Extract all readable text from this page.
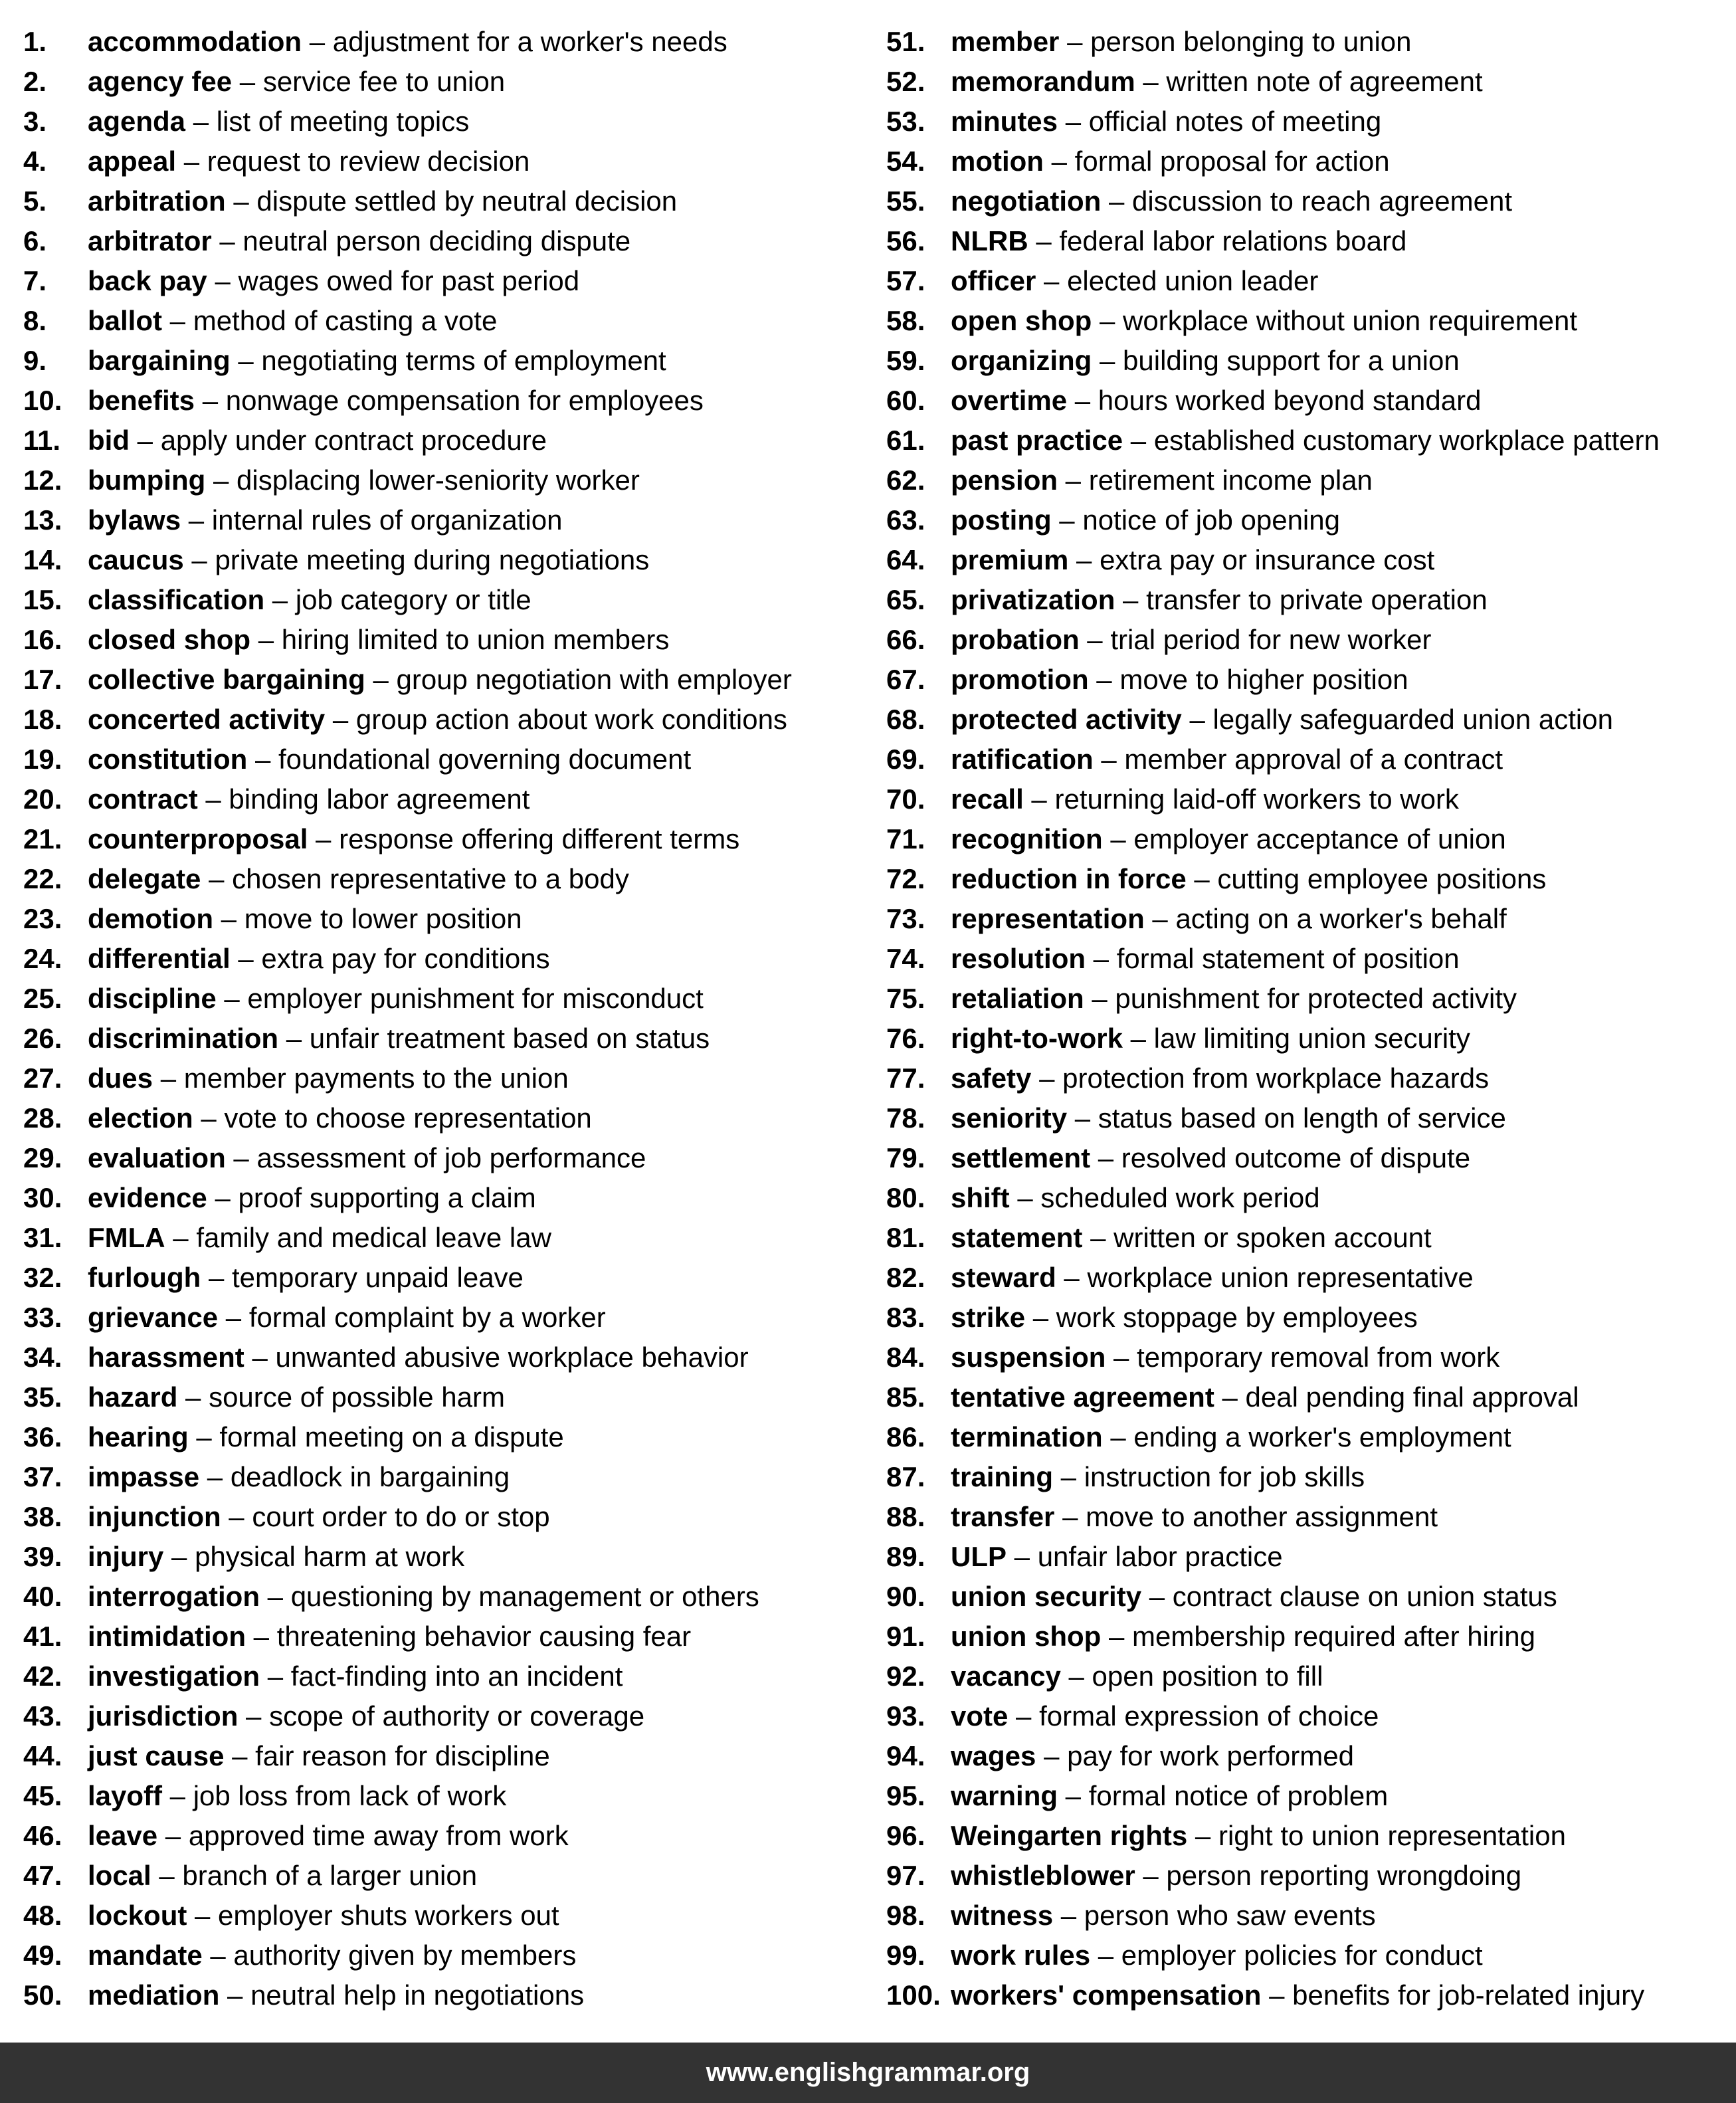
1. accommodation – adjustment for a worker's needs
2. agency fee – service fee to union
3. agenda – list of meeting topics
4. appeal – request to review decision
5. arbitration – dispute settled by neutral decision
6. arbitrator – neutral person deciding dispute
7. back pay – wages owed for past period
8. ballot – method of casting a vote
9. bargaining – negotiating terms of employment
10. benefits – nonwage compensation for employees
11. bid – apply under contract procedure
12. bumping – displacing lower-seniority worker
13. bylaws – internal rules of organization
14. caucus – private meeting during negotiations
15. classification – job category or title
16. closed shop – hiring limited to union members
17. collective bargaining – group negotiation with employer
18. concerted activity – group action about work conditions
19. constitution – foundational governing document
20. contract – binding labor agreement
21. counterproposal – response offering different terms
22. delegate – chosen representative to a body
23. demotion – move to lower position
24. differential – extra pay for conditions
25. discipline – employer punishment for misconduct
26. discrimination – unfair treatment based on status
27. dues – member payments to the union
28. election – vote to choose representation
29. evaluation – assessment of job performance
30. evidence – proof supporting a claim
31. FMLA – family and medical leave law
32. furlough – temporary unpaid leave
33. grievance – formal complaint by a worker
34. harassment – unwanted abusive workplace behavior
35. hazard – source of possible harm
36. hearing – formal meeting on a dispute
37. impasse – deadlock in bargaining
38. injunction – court order to do or stop
39. injury – physical harm at work
40. interrogation – questioning by management or others
41. intimidation – threatening behavior causing fear
42. investigation – fact-finding into an incident
43. jurisdiction – scope of authority or coverage
44. just cause – fair reason for discipline
45. layoff – job loss from lack of work
46. leave – approved time away from work
47. local – branch of a larger union
48. lockout – employer shuts workers out
49. mandate – authority given by members
50. mediation – neutral help in negotiations
51. member – person belonging to union
52. memorandum – written note of agreement
53. minutes – official notes of meeting
54. motion – formal proposal for action
55. negotiation – discussion to reach agreement
56. NLRB – federal labor relations board
57. officer – elected union leader
58. open shop – workplace without union requirement
59. organizing – building support for a union
60. overtime – hours worked beyond standard
61. past practice – established customary workplace pattern
62. pension – retirement income plan
63. posting – notice of job opening
64. premium – extra pay or insurance cost
65. privatization – transfer to private operation
66. probation – trial period for new worker
67. promotion – move to higher position
68. protected activity – legally safeguarded union action
69. ratification – member approval of a contract
70. recall – returning laid-off workers to work
71. recognition – employer acceptance of union
72. reduction in force – cutting employee positions
73. representation – acting on a worker's behalf
74. resolution – formal statement of position
75. retaliation – punishment for protected activity
76. right-to-work – law limiting union security
77. safety – protection from workplace hazards
78. seniority – status based on length of service
79. settlement – resolved outcome of dispute
80. shift – scheduled work period
81. statement – written or spoken account
82. steward – workplace union representative
83. strike – work stoppage by employees
84. suspension – temporary removal from work
85. tentative agreement – deal pending final approval
86. termination – ending a worker's employment
87. training – instruction for job skills
88. transfer – move to another assignment
89. ULP – unfair labor practice
90. union security – contract clause on union status
91. union shop – membership required after hiring
92. vacancy – open position to fill
93. vote – formal expression of choice
94. wages – pay for work performed
95. warning – formal notice of problem
96. Weingarten rights – right to union representation
97. whistleblower – person reporting wrongdoing
98. witness – person who saw events
99. work rules – employer policies for conduct
100. workers' compensation – benefits for job-related injury
www.englishgrammar.org
